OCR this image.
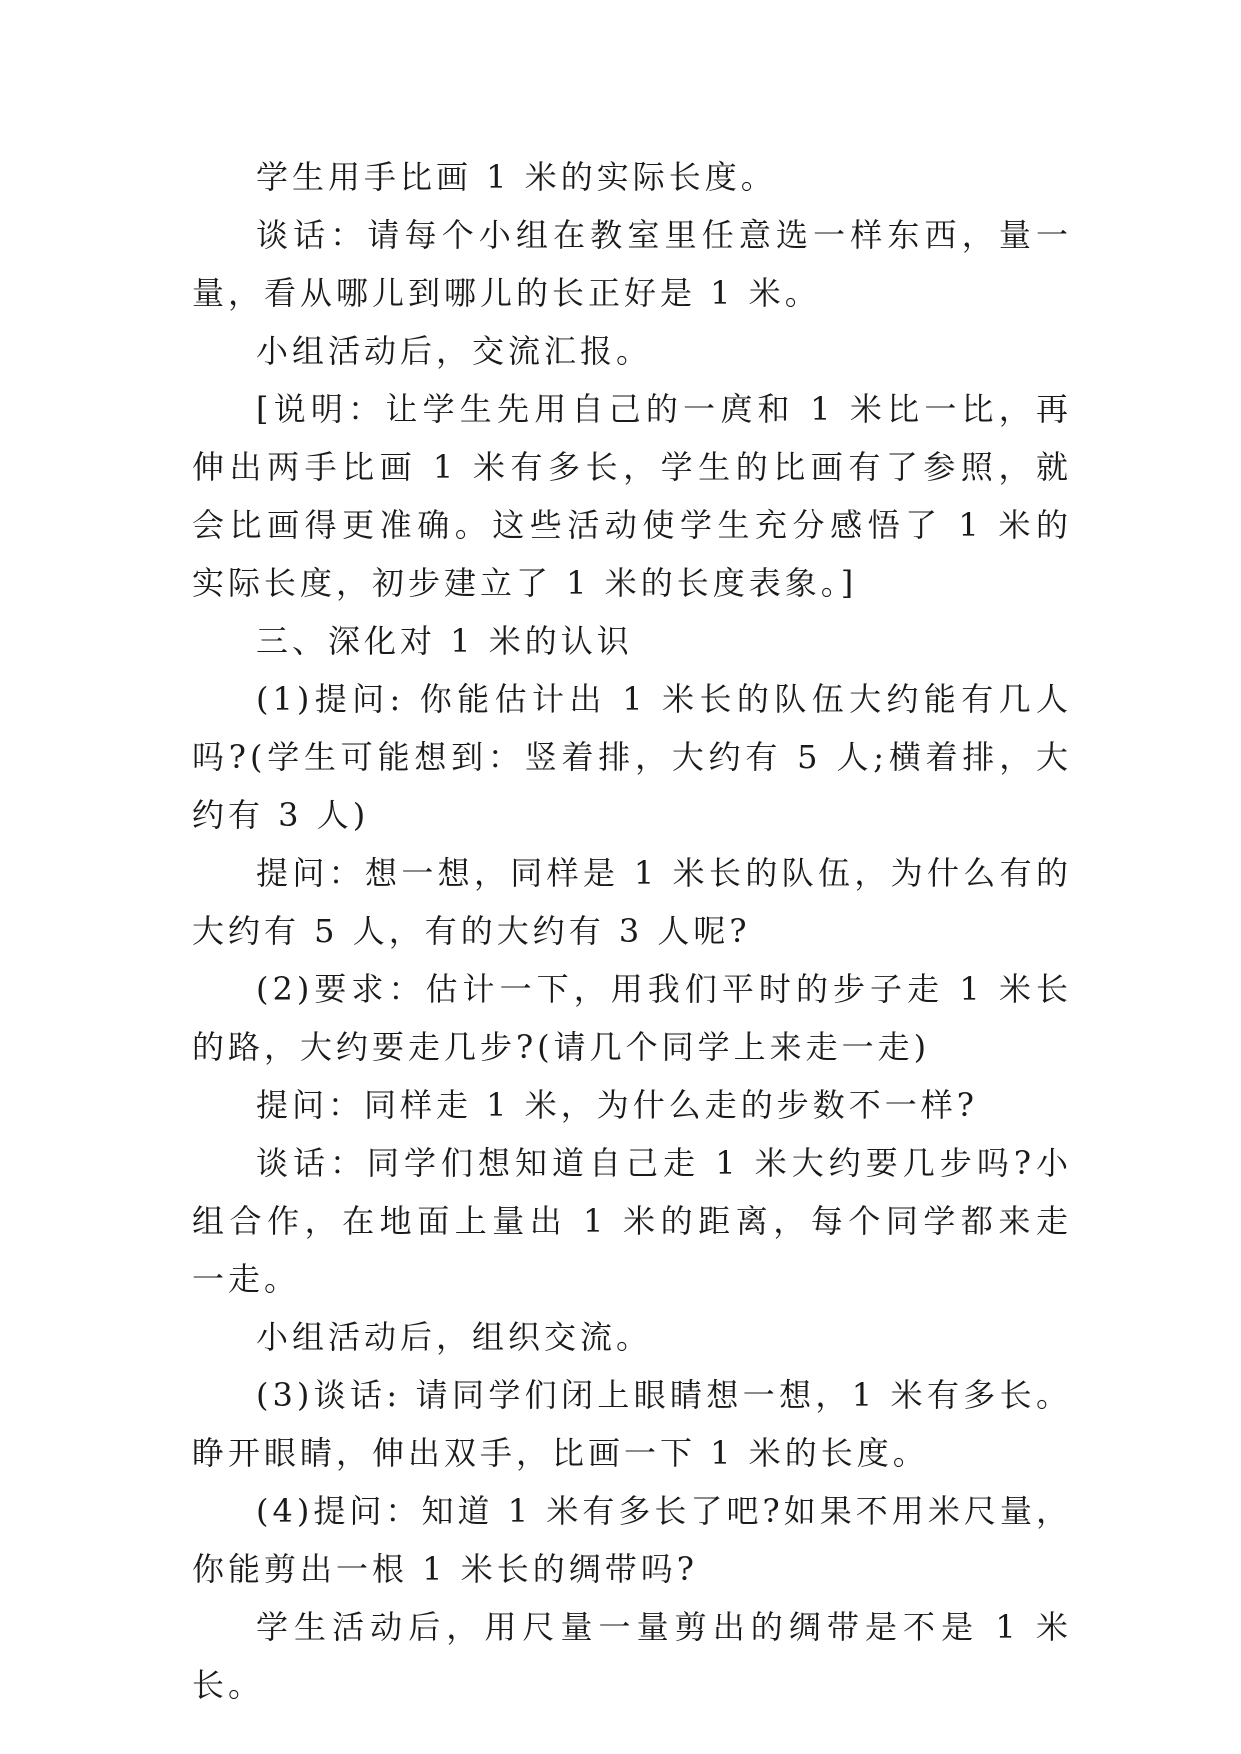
学生用手比画 1 米的实际长度。

谈话：请每个小组在教室里任意选一样东西，量一量，看从哪儿到哪儿的长正好是 1 米。

小组活动后，交流汇报。

[说明：让学生先用自己的一庹和 1 米比一比，再伸出两手比画 1 米有多长，学生的比画有了参照，就会比画得更准确。这些活动使学生充分感悟了 1 米的实际长度，初步建立了 1 米的长度表象。]

三、深化对 1 米的认识

(1)提问: 你能估计出 1 米长的队伍大约能有几人吗?(学生可能想到：竖着排，大约有 5 人;横着排，大约有 3 人)

提问：想一想，同样是 1 米长的队伍，为什么有的大约有 5 人，有的大约有 3 人呢?

(2)要求：估计一下，用我们平时的步子走 1 米长的路，大约要走几步?(请几个同学上来走一走)

提问：同样走 1 米，为什么走的步数不一样?

谈话：同学们想知道自己走 1 米大约要几步吗?小组合作，在地面上量出 1 米的距离，每个同学都来走一走。

小组活动后，组织交流。

(3)谈话: 请同学们闭上眼睛想一想，1 米有多长。睁开眼睛，伸出双手，比画一下 1 米的长度。

(4)提问：知道 1 米有多长了吧?如果不用米尺量，你能剪出一根 1 米长的绸带吗?

学生活动后，用尺量一量剪出的绸带是不是 1 米长。
